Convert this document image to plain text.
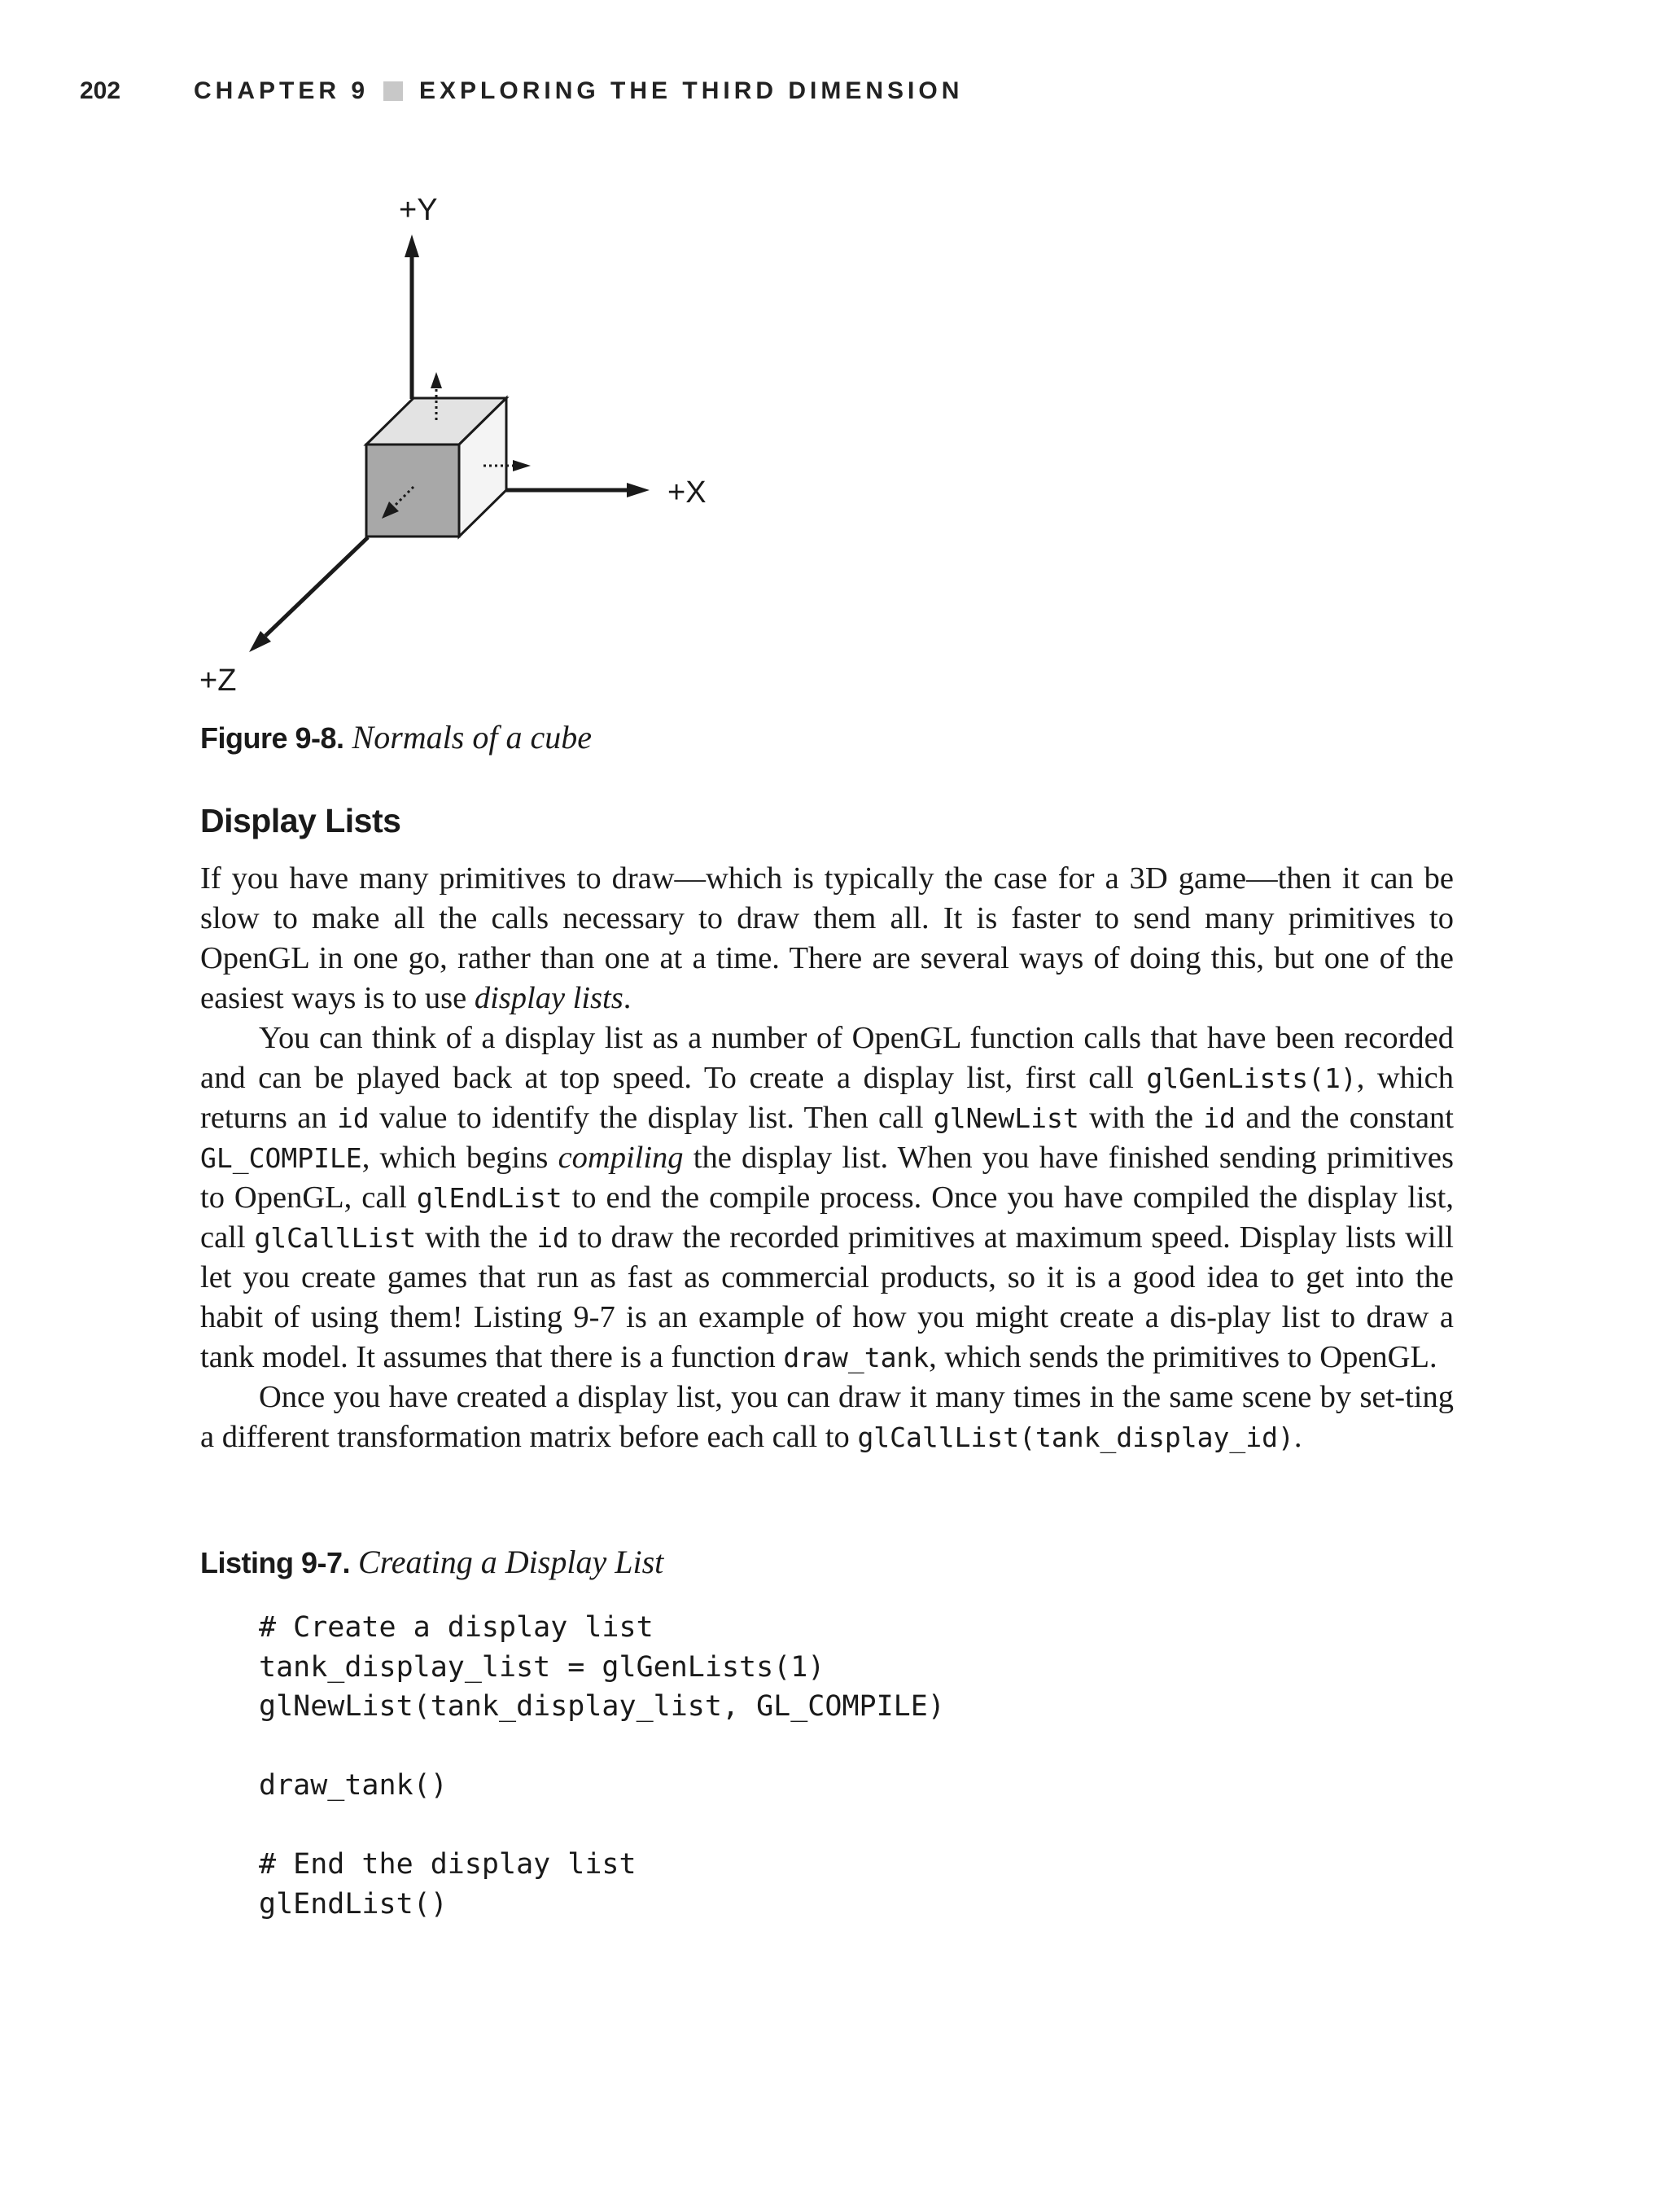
202	CHAPTER 9 EXPLORING THE THIRD DIMENSION
+Y
+X
+Z
Figure 9-8. Normals of a cube
Display Lists

If you have many primitives to draw—which is typically the case for a 3D game—then it can be slow to make all the calls necessary to draw them all. It is faster to send many primitives to OpenGL in one go, rather than one at a time. There are several ways of doing this, but one of the easiest ways is to use display lists.

You can think of a display list as a number of OpenGL function calls that have been recorded and can be played back at top speed. To create a display list, first call glGenLists(1), which returns an id value to identify the display list. Then call glNewList with the id and the constant GL_COMPILE, which begins compiling the display list. When you have finished sending primitives to OpenGL, call glEndList to end the compile process. Once you have compiled the display list, call glCallList with the id to draw the recorded primitives at maximum speed. Display lists will let you create games that run as fast as commercial products, so it is a good idea to get into the habit of using them! Listing 9-7 is an example of how you might create a dis-play list to draw a tank model. It assumes that there is a function draw_tank, which sends the primitives to OpenGL.

Once you have created a display list, you can draw it many times in the same scene by set-ting a different transformation matrix before each call to glCallList(tank_display_id).

Listing 9-7. Creating a Display List
# Create a display list
tank_display_list = glGenLists(1)
glNewList(tank_display_list, GL_COMPILE)
draw_tank()
# End the display list
glEndList()
